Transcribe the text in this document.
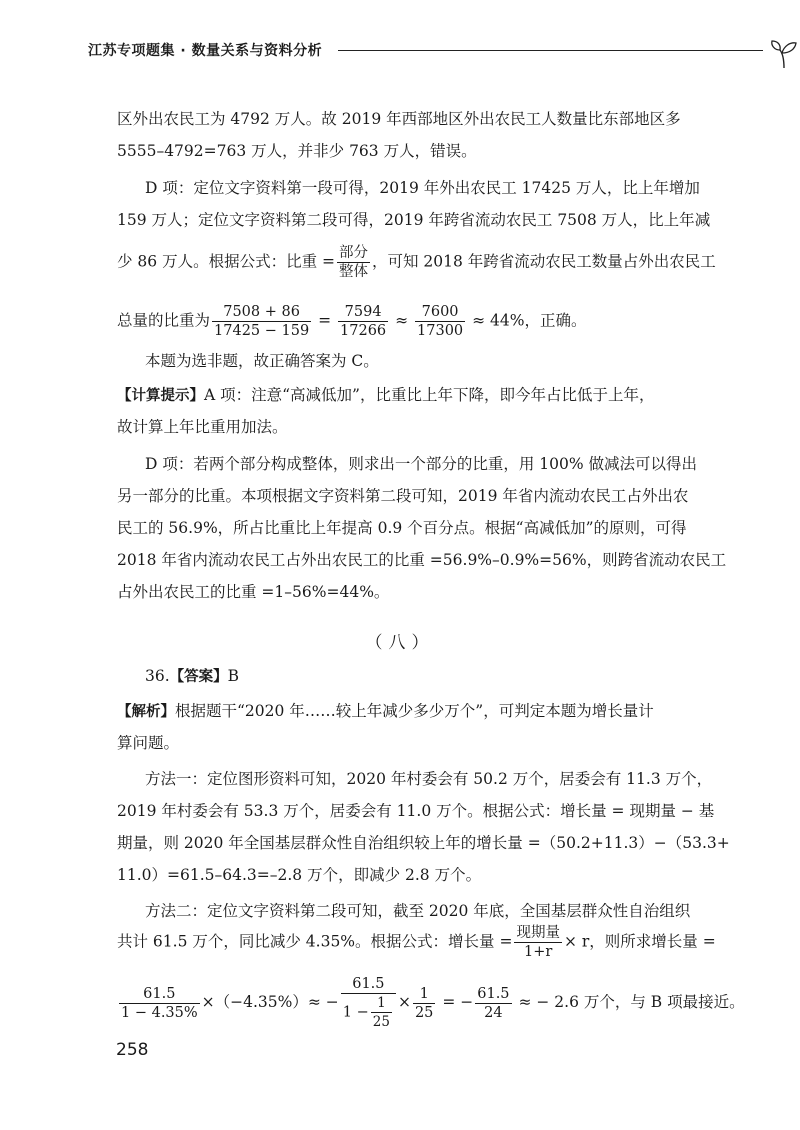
江苏专项题集 · 数量关系与资料分析

区外出农民工为 4792 万人。故 2019 年西部地区外出农民工人数量比东部地区多

5555–4792=763 万人，并非少 763 万人，错误。

D 项：定位文字资料第一段可得，2019 年外出农民工 17425 万人，比上年增加

159 万人；定位文字资料第二段可得，2019 年跨省流动农民工 7508 万人，比上年减

少 86 万人。根据公式：比重 = $\frac{\text{部分}}{\text{整体}}$ ，可知 2018 年跨省流动农民工数量占外出农民工

总量的比重为 $\frac{7508 + 86}{17425 - 159} = \frac{7594}{17266} \approx \frac{7600}{17300} \approx 44\%$，正确。

本题为选非题，故正确答案为 C。

【计算提示】A 项：注意“高减低加”，比重比上年下降，即今年占比低于上年，

故计算上年比重用加法。

D 项：若两个部分构成整体，则求出一个部分的比重，用 100% 做减法可以得出

另一部分的比重。本项根据文字资料第二段可知，2019 年省内流动农民工占外出农

民工的 56.9%，所占比重比上年提高 0.9 个百分点。根据“高减低加”的原则，可得

2018 年省内流动农民工占外出农民工的比重 =56.9%–0.9%=56%，则跨省流动农民工

占外出农民工的比重 =1–56%=44%。

（八）

36.【答案】B

【解析】根据题干“2020 年……较上年减少多少万个”，可判定本题为增长量计

算问题。

方法一：定位图形资料可知，2020 年村委会有 50.2 万个，居委会有 11.3 万个，

2019 年村委会有 53.3 万个，居委会有 11.0 万个。根据公式：增长量 = 现期量 − 基

期量，则 2020 年全国基层群众性自治组织较上年的增长量 =（50.2+11.3）−（53.3+

11.0）=61.5–64.3=–2.8 万个，即减少 2.8 万个。

方法二：定位文字资料第二段可知，截至 2020 年底，全国基层群众性自治组织

共计 61.5 万个，同比减少 4.35%。根据公式：增长量 = $\frac{\text{现期量}}{1+r} \times r$，则所求增长量 =

$\frac{61.5}{1 - 4.35\%} \times(-4.35\%)\approx - \frac{61.5}{1 - \frac{1}{25}} \times \frac{1}{25}$ = − $\frac{61.5}{24}$ ≈ − 2.6 万个，与 B 项最接近。

258
